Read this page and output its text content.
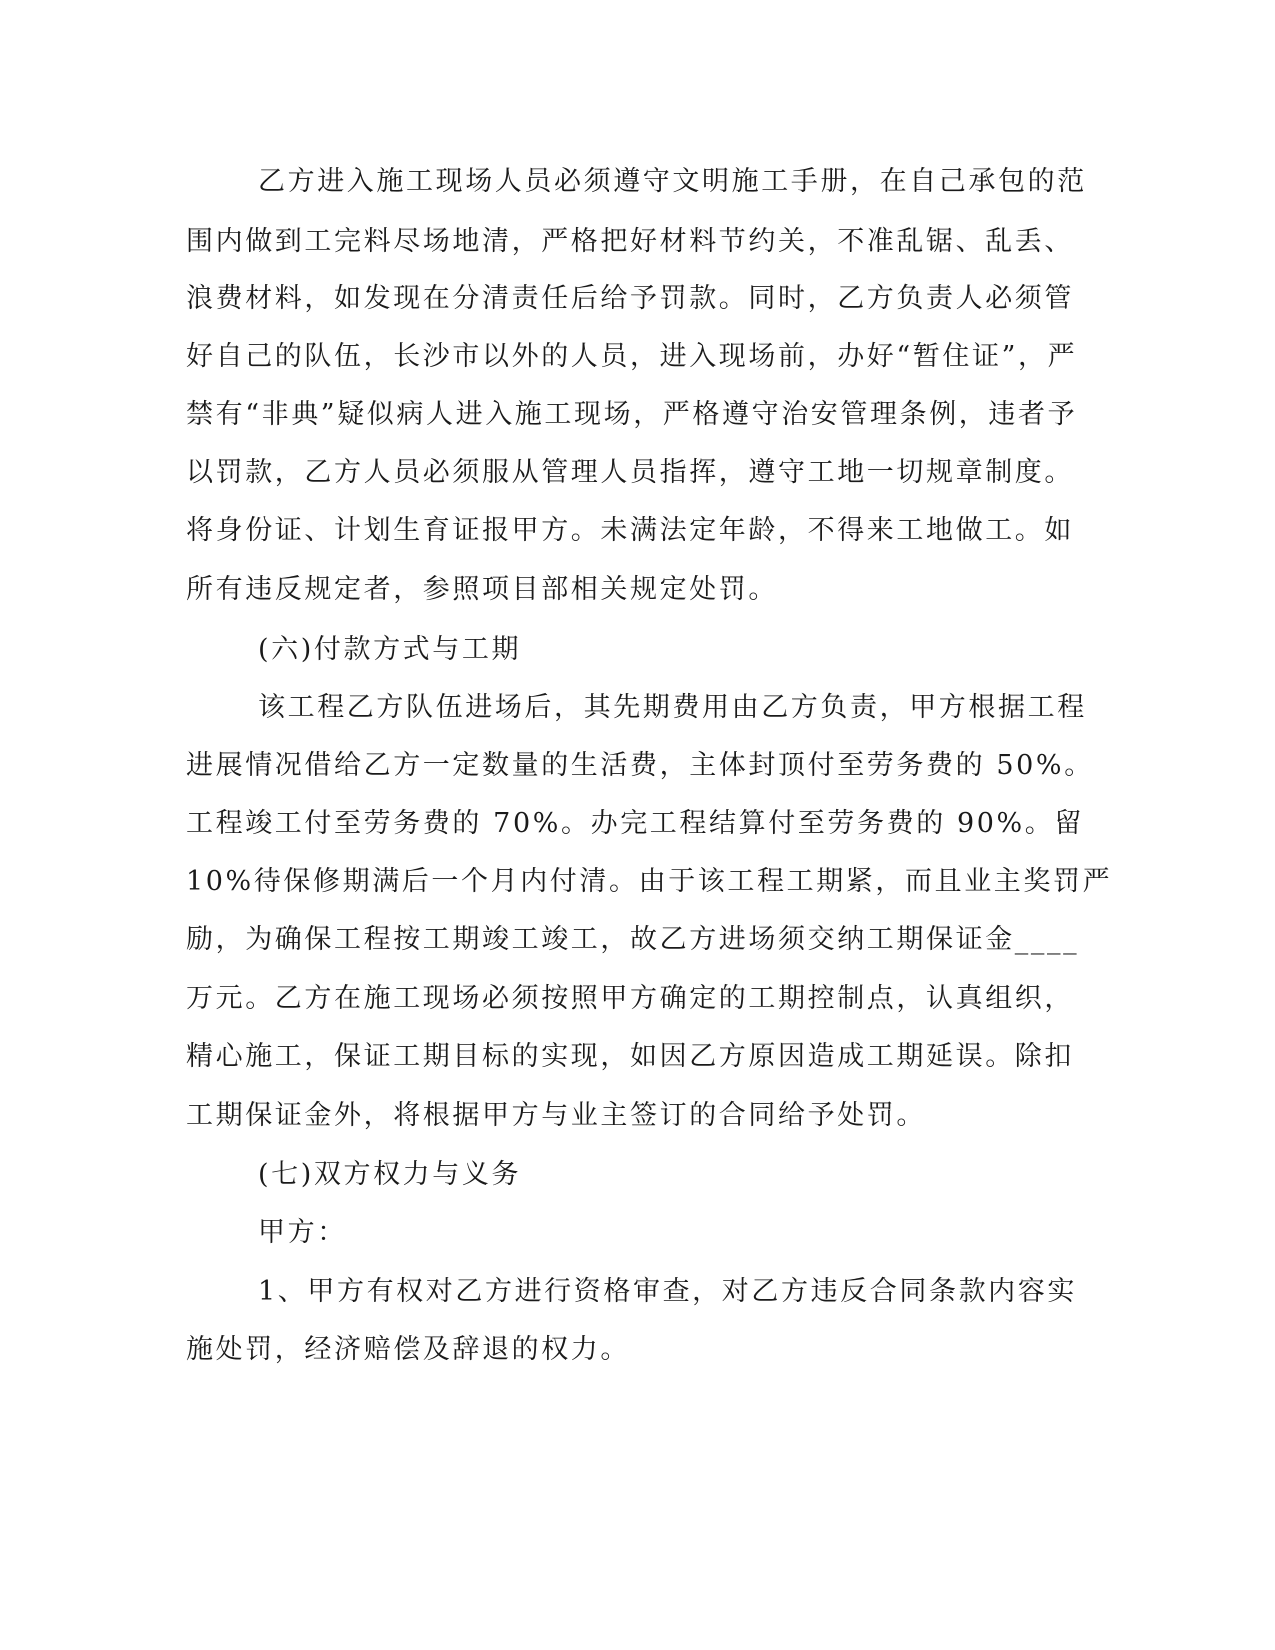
乙方进入施工现场人员必须遵守文明施工手册，在自己承包的范
围内做到工完料尽场地清，严格把好材料节约关，不准乱锯、乱丢、
浪费材料，如发现在分清责任后给予罚款。同时，乙方负责人必须管
好自己的队伍，长沙市以外的人员，进入现场前，办好“暂住证”，严
禁有“非典”疑似病人进入施工现场，严格遵守治安管理条例，违者予
以罚款，乙方人员必须服从管理人员指挥，遵守工地一切规章制度。
将身份证、计划生育证报甲方。未满法定年龄，不得来工地做工。如
所有违反规定者，参照项目部相关规定处罚。
(六)付款方式与工期
该工程乙方队伍进场后，其先期费用由乙方负责，甲方根据工程
进展情况借给乙方一定数量的生活费，主体封顶付至劳务费的 50%。
工程竣工付至劳务费的 70%。办完工程结算付至劳务费的 90%。留
10%待保修期满后一个月内付清。由于该工程工期紧，而且业主奖罚严
励，为确保工程按工期竣工竣工，故乙方进场须交纳工期保证金____
万元。乙方在施工现场必须按照甲方确定的工期控制点，认真组织，
精心施工，保证工期目标的实现，如因乙方原因造成工期延误。除扣
工期保证金外，将根据甲方与业主签订的合同给予处罚。
(七)双方权力与义务
甲方：
1、甲方有权对乙方进行资格审查，对乙方违反合同条款内容实
施处罚，经济赔偿及辞退的权力。
